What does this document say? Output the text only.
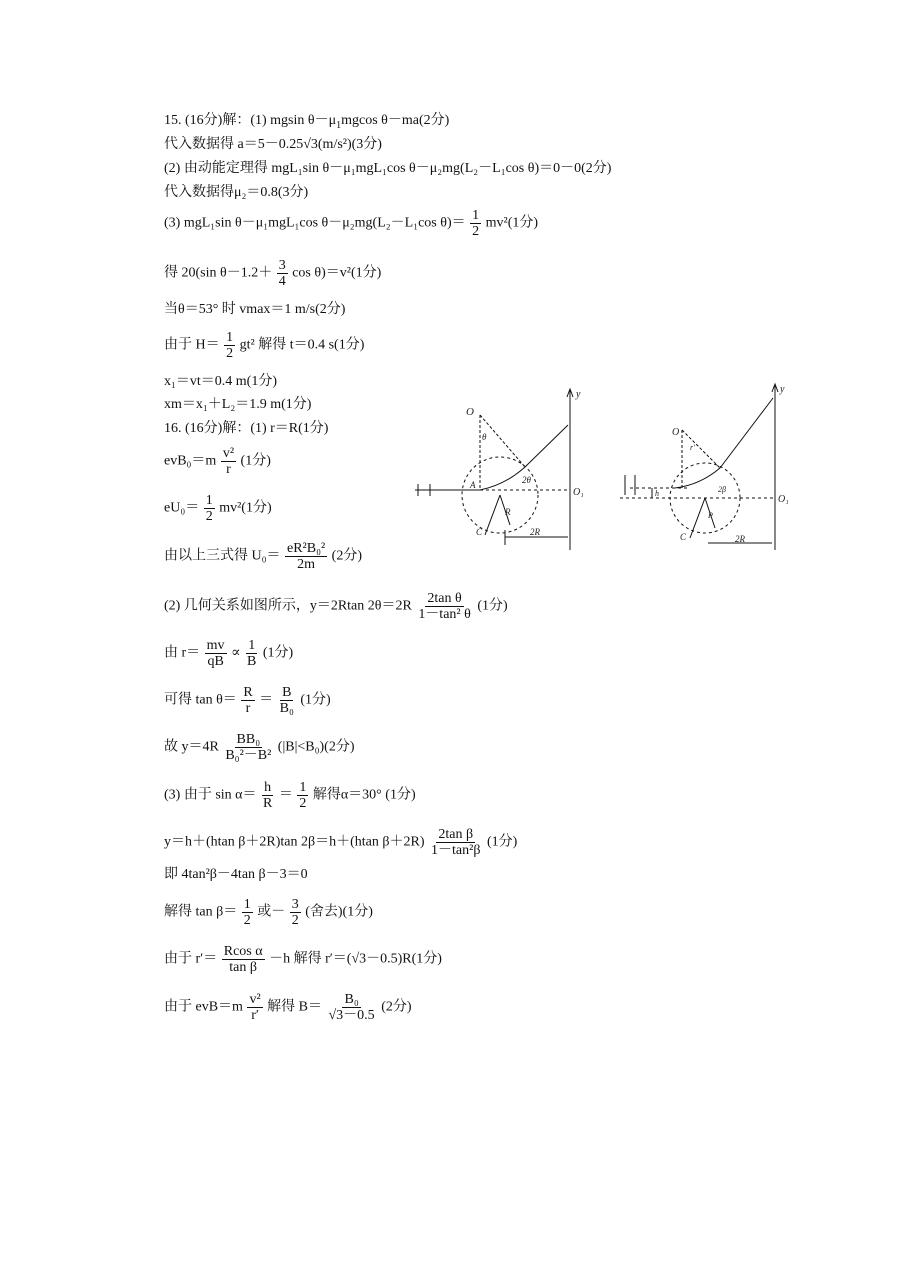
15. (16分)解：(1) mgsin $\theta-\mu_1mgcos$ θ－ma(2分)
代入数据得 a＝5－0.25√3(m/s²)(3分)
(2) 由动能定理得 mgL₁sin θ－μ₁mgL₁cos θ－μ₂mg(L₂－L₁cos θ)＝0－0(2分)
代入数据得μ₂＝0.8(3分)
(3) mgL₁sin θ－μ₁mgL₁cos θ－μ₂mg(L₂－L₁cos $\theta)= \frac{1}{2} mv^2(1$分)
得 20(sin $\theta-1.2+ \frac{3}{4}$ cos θ)＝v²(1分)
当θ＝53° 时 vmax＝1 m/s(2分)
由于 $H= \frac{1}{2} gt^2$ 解得 t＝0.4 s(1分)
x₁＝vt＝0.4 m(1分)
xm＝x₁＋L₂＝1.9 m(1分)
16. (16分)解：(1) r＝R(1分)
$evB_0=m \frac{\text{v²}}{r} (1$分)
$eU_0= \frac{1}{2} mv^2(1$分)
由以上三式得 $U_0= \frac{\text{eR²B₀²}}{2m} (2$分)
(2) 几何关系如图所示，y＝2Rtan $2\theta=2R \frac{\text{2tan θ}}{\text{1－tan² θ}} (1$分)
由 $r= \frac{mv}{qB} \propto \frac{1}{B} (1$分)
可得 $\tan \theta= \frac{R}{r} = \frac{B}{\text{B₀}} (1$分)
故 $y=4R \frac{\text{BB₀}}{\text{B₀²－B²}} (|B|<B_0)(2$分)
(3) 由于 $\sin \alpha= \frac{h}{R} = \frac{1}{2}$ 解得α＝30° (1分)
y＝h＋(htan β＋2R)tan 2β＝h＋(htan $\beta+2R) \frac{\text{2tan β}}{\text{1－tan²β}} (1$分)
即 4tan²β－4tan β－3＝0
解得 $\tan \beta= \frac{1}{2}$ 或－ $\frac{3}{2}$ (舍去)(1分)
由于 $r'= \frac{\text{Rcos α}}{\text{tan β}} -h$ 解得 r′＝(√3－0.5)R(1分)
由于 $evB=m \frac{\text{v²}}{r'}$ 解得 $B= \frac{\text{B₀}}{√3-0.5} (2$分)
O
O₁
A
C
R
θ
2θ
2R
y
O
O₁
h
r′
C
2β
P
2R
y
